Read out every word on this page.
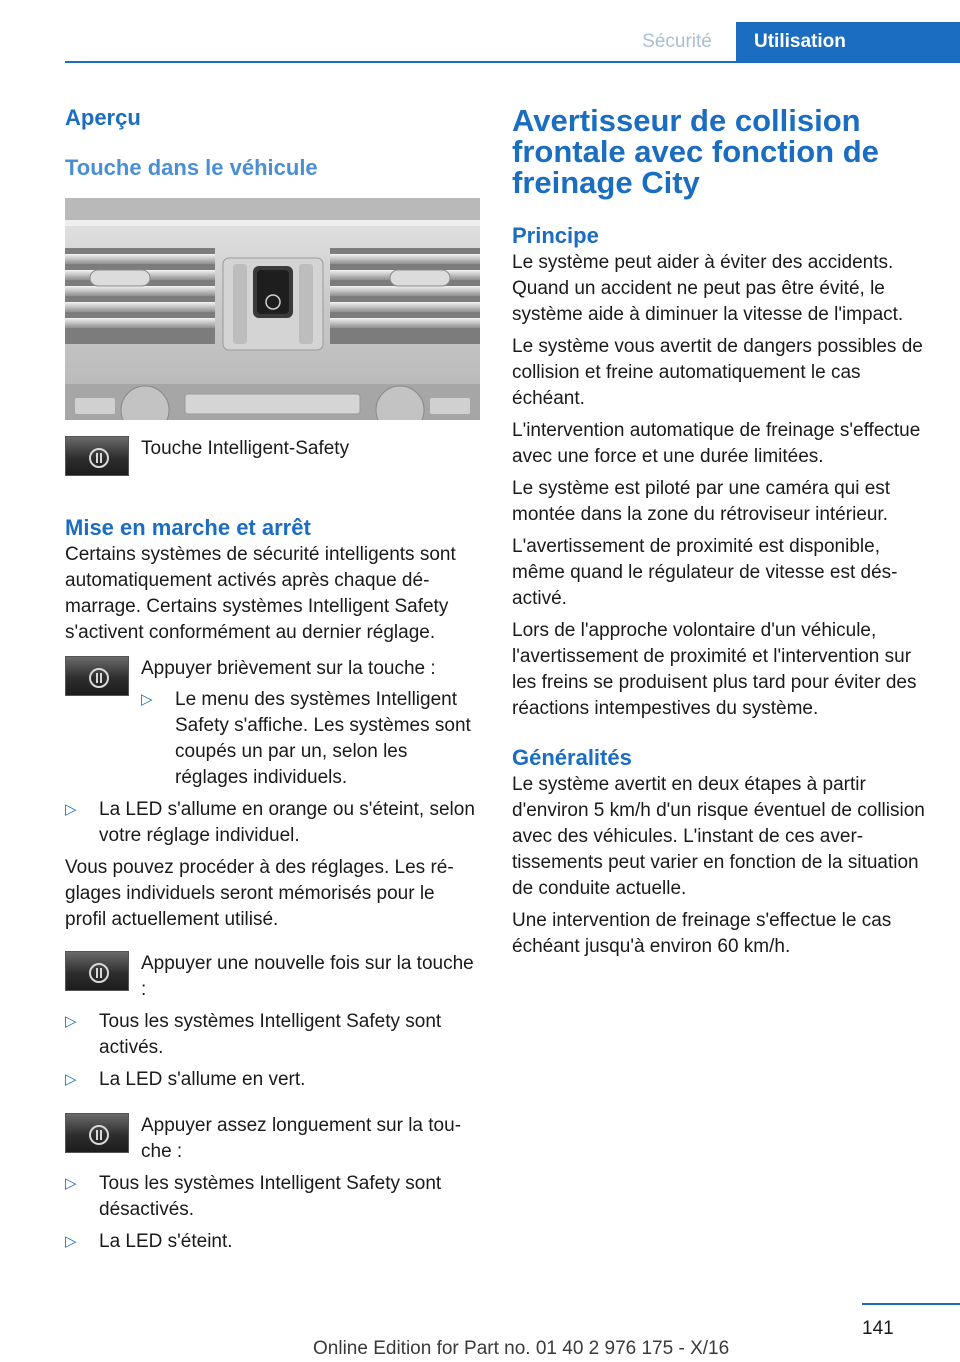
Sécurité Utilisation
Aperçu
Touche dans le véhicule

Touche Intelligent-Safety

Mise en marche et arrêt

Certains systèmes de sécurité intelligents sont automatiquement activés après chaque démarrage. Certains systèmes Intelligent Safety s'activent conformément au dernier réglage.

Appuyer brièvement sur la touche :

▷	Le menu des systèmes Intelligent Safety s'affiche. Les systèmes sont coupés un par un, selon les réglages individuels.

▷	La LED s'allume en orange ou s'éteint, selon votre réglage individuel.

Vous pouvez procéder à des réglages. Les réglages individuels seront mémorisés pour le profil actuellement utilisé.

Appuyer une nouvelle fois sur la touche :

▷	Tous les systèmes Intelligent Safety sont activés.

▷	La LED s'allume en vert.

Appuyer assez longuement sur la touche :

▷	Tous les systèmes Intelligent Safety sont désactivés.

▷	La LED s'éteint.

Avertisseur de collision frontale avec fonction de freinage City
Principe

Le système peut aider à éviter des accidents. Quand un accident ne peut pas être évité, le système aide à diminuer la vitesse de l'impact.

Le système vous avertit de dangers possibles de collision et freine automatiquement le cas échéant.

L'intervention automatique de freinage s'effectue avec une force et une durée limitées.

Le système est piloté par une caméra qui est montée dans la zone du rétroviseur intérieur.

L'avertissement de proximité est disponible, même quand le régulateur de vitesse est désactivé.

Lors de l'approche volontaire d'un véhicule, l'avertissement de proximité et l'intervention sur les freins se produisent plus tard pour éviter des réactions intempestives du système.

Généralités

Le système avertit en deux étapes à partir d'environ 5 km/h d'un risque éventuel de collision avec des véhicules. L'instant de ces avertissements peut varier en fonction de la situation de conduite actuelle.

Une intervention de freinage s'effectue le cas échéant jusqu'à environ 60 km/h.

141
Online Edition for Part no. 01 40 2 976 175 - X/16
